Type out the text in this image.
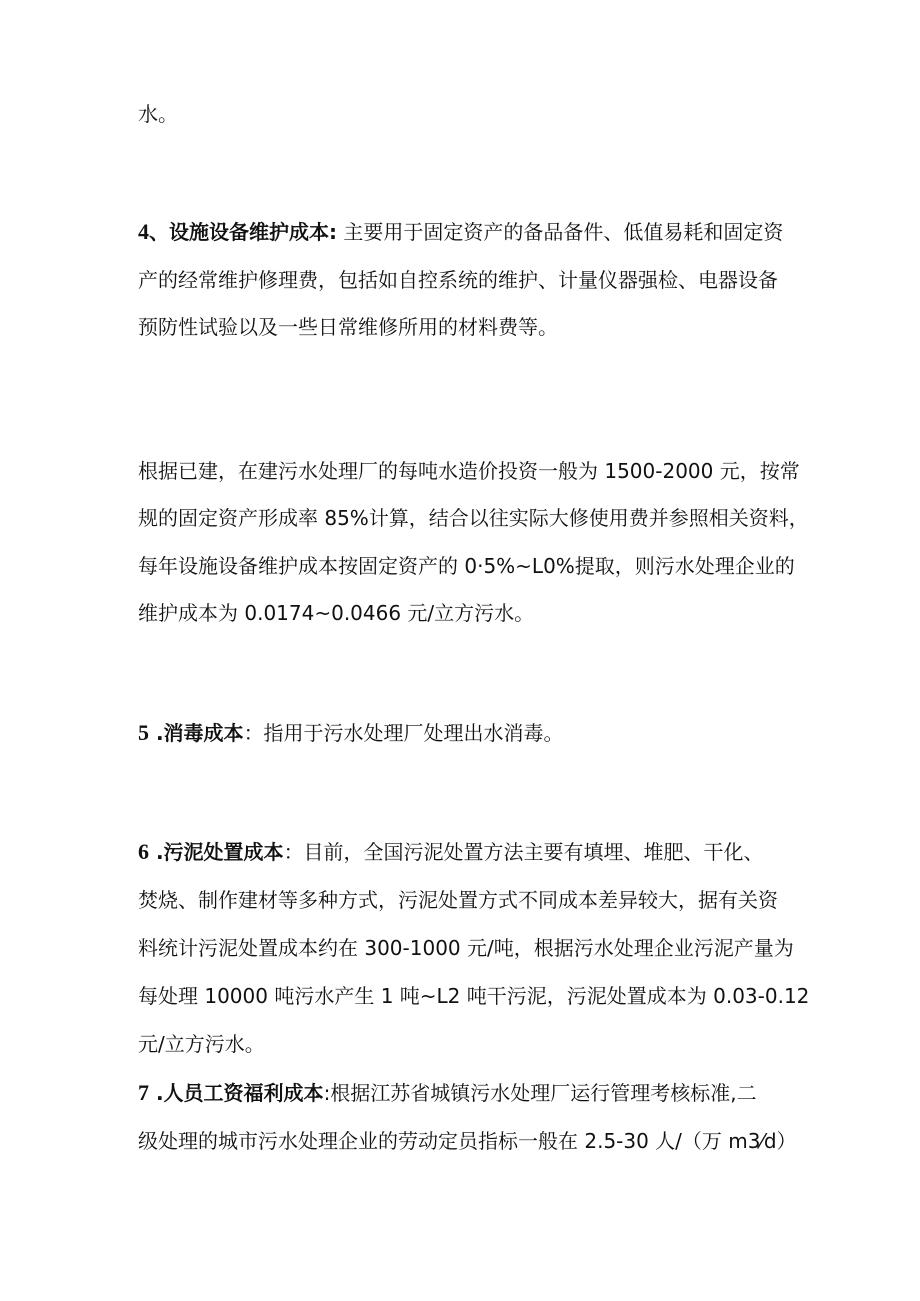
水。
4、设施设备维护成本: 主要用于固定资产的备品备件、低值易耗和固定资
产的经常维护修理费，包括如自控系统的维护、计量仪器强检、电器设备
预防性试验以及一些日常维修所用的材料费等。
根据已建，在建污水处理厂的每吨水造价投资一般为 1500-2000 元，按常
规的固定资产形成率 85%计算，结合以往实际大修使用费并参照相关资料，
每年设施设备维护成本按固定资产的 0·5%~L0%提取，则污水处理企业的
维护成本为 0.0174~0.0466 元/立方污水。
5 .消毒成本：指用于污水处理厂处理出水消毒。
6 .污泥处置成本：目前，全国污泥处置方法主要有填埋、堆肥、干化、
焚烧、制作建材等多种方式，污泥处置方式不同成本差异较大，据有关资
料统计污泥处置成本约在 300-1000 元/吨，根据污水处理企业污泥产量为
每处理 10000 吨污水产生 1 吨~L2 吨干污泥，污泥处置成本为 0.03-0.12
元/立方污水。
7 .人员工资福利成本:根据江苏省城镇污水处理厂运行管理考核标准,二
级处理的城市污水处理企业的劳动定员指标一般在 2.5-30 人/（万 m3⁄d）
